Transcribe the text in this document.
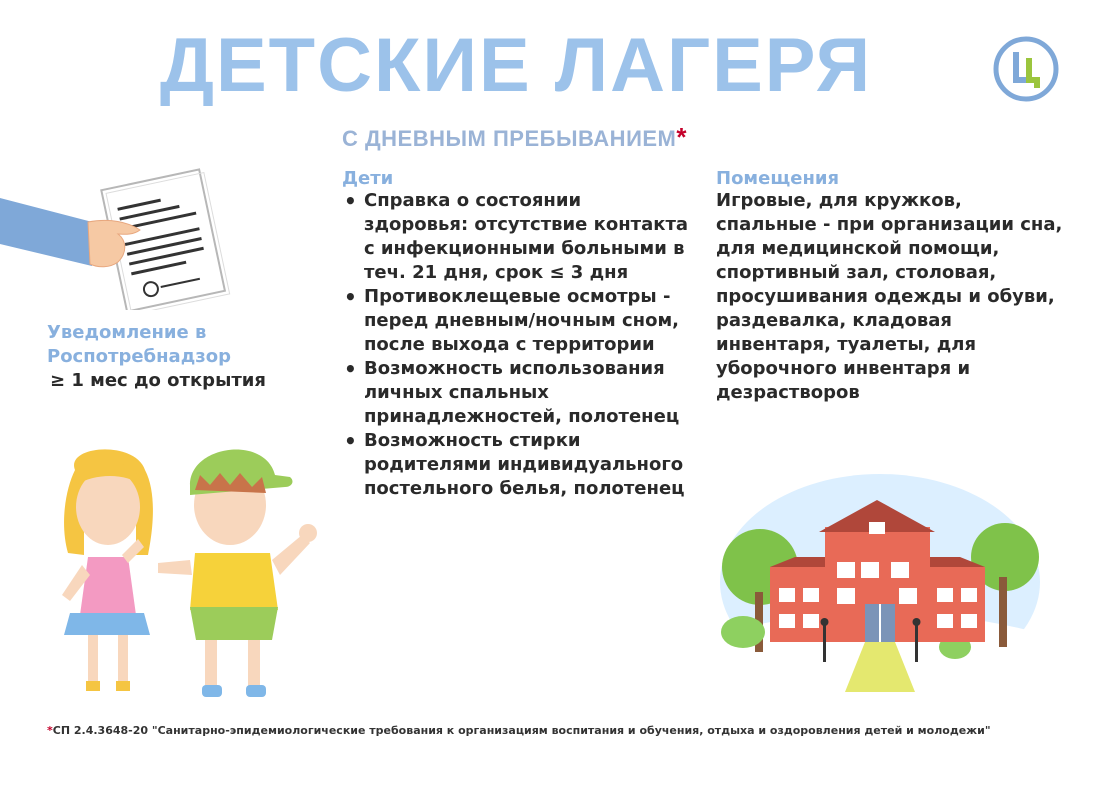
ДЕТСКИЕ ЛАГЕРЯ
С ДНЕВНЫМ ПРЕБЫВАНИЕМ*
Уведомление в Роспотребнадзор
≥ 1 мес до открытия
Дети
• Справка о состоянии здоровья: отсутствие контакта с инфекционными больными в теч. 21 дня, срок ≤ 3 дня
• Противоклещевые осмотры - перед дневным/ночным сном, после выхода с территории
• Возможность использования личных спальных принадлежностей, полотенец
• Возможность стирки родителями индивидуального постельного белья, полотенец
Помещения

Игровые, для кружков, спальные - при организации сна, для медицинской помощи, спортивный зал, столовая, просушивания одежды и обуви, раздевалка, кладовая инвентаря, туалеты, для уборочного инвентаря и дезрастворов

*СП 2.4.3648-20 "Санитарно-эпидемиологические требования к организациям воспитания и обучения, отдыха и оздоровления детей и молодежи"
